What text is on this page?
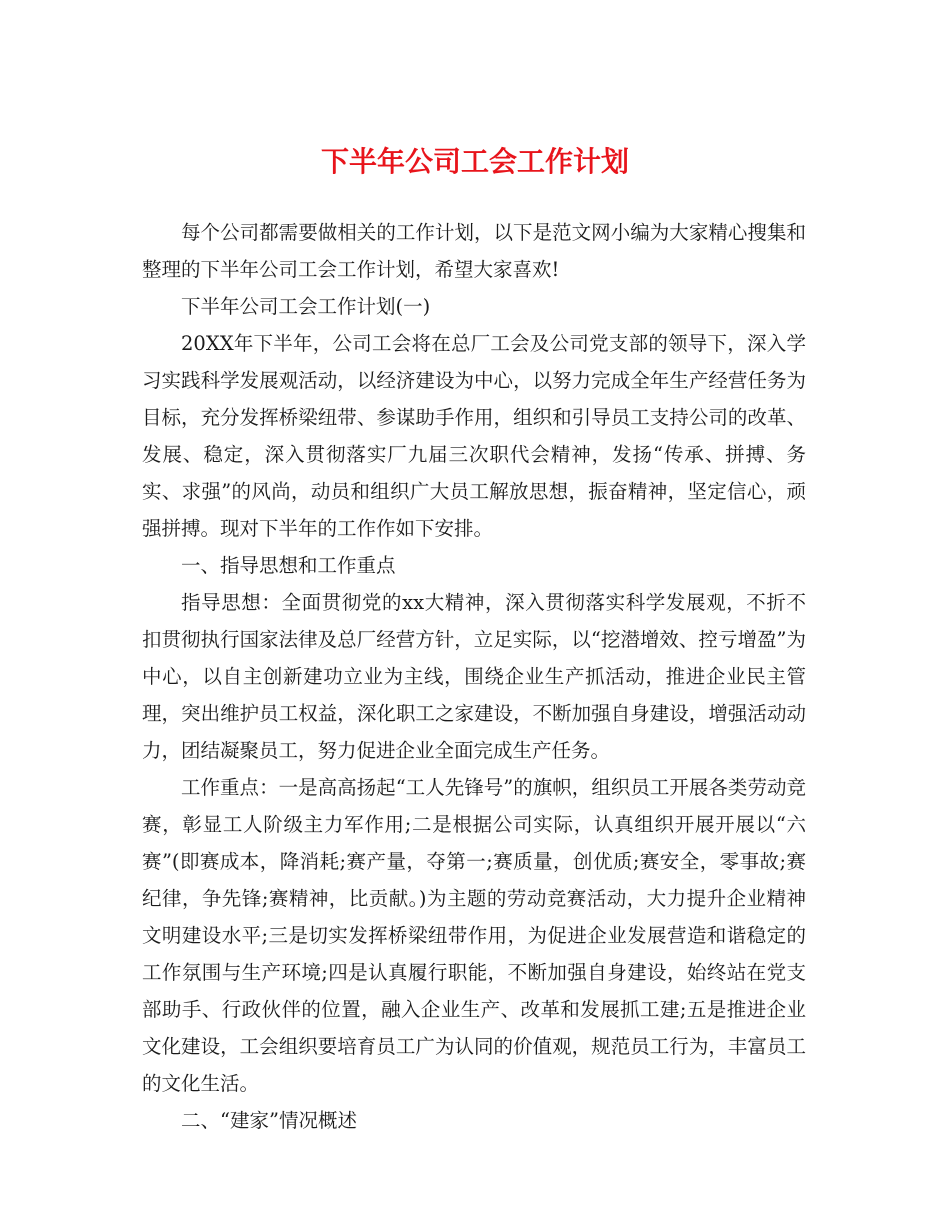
下半年公司工会工作计划

每个公司都需要做相关的工作计划，以下是范文网小编为大家精心搜集和整理的下半年公司工会工作计划，希望大家喜欢!

下半年公司工会工作计划(一)

20XX年下半年，公司工会将在总厂工会及公司党支部的领导下，深入学习实践科学发展观活动，以经济建设为中心，以努力完成全年生产经营任务为目标，充分发挥桥梁纽带、参谋助手作用，组织和引导员工支持公司的改革、发展、稳定，深入贯彻落实厂九届三次职代会精神，发扬“传承、拼搏、务实、求强”的风尚，动员和组织广大员工解放思想，振奋精神，坚定信心，顽强拼搏。现对下半年的工作作如下安排。

一、指导思想和工作重点

指导思想：全面贯彻党的xx大精神，深入贯彻落实科学发展观，不折不扣贯彻执行国家法律及总厂经营方针，立足实际，以“挖潜增效、控亏增盈”为中心，以自主创新建功立业为主线，围绕企业生产抓活动，推进企业民主管理，突出维护员工权益，深化职工之家建设，不断加强自身建设，增强活动动力，团结凝聚员工，努力促进企业全面完成生产任务。

工作重点：一是高高扬起“工人先锋号”的旗帜，组织员工开展各类劳动竞赛，彰显工人阶级主力军作用;二是根据公司实际，认真组织开展开展以“六赛”(即赛成本，降消耗;赛产量，夺第一;赛质量，创优质;赛安全，零事故;赛纪律，争先锋;赛精神，比贡献。)为主题的劳动竞赛活动，大力提升企业精神文明建设水平;三是切实发挥桥梁纽带作用，为促进企业发展营造和谐稳定的工作氛围与生产环境;四是认真履行职能，不断加强自身建设，始终站在党支部助手、行政伙伴的位置，融入企业生产、改革和发展抓工建;五是推进企业文化建设，工会组织要培育员工广为认同的价值观，规范员工行为，丰富员工的文化生活。

二、“建家”情况概述
